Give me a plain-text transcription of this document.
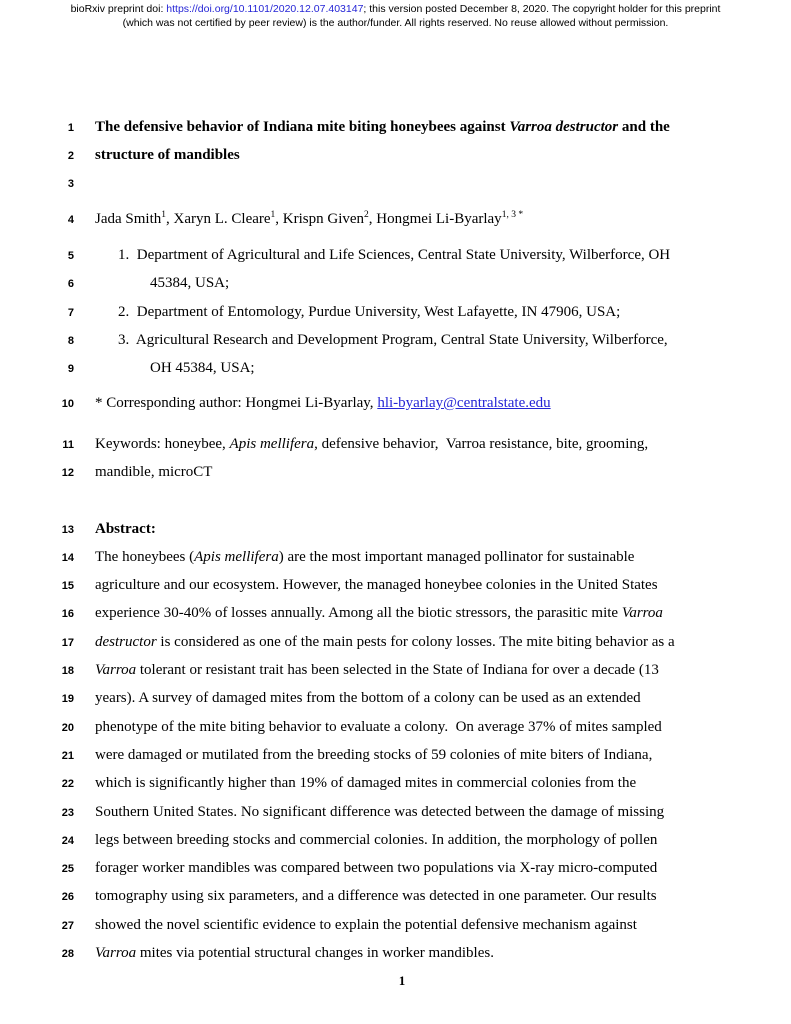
bioRxiv preprint doi: https://doi.org/10.1101/2020.12.07.403147; this version posted December 8, 2020. The copyright holder for this preprint
(which was not certified by peer review) is the author/funder. All rights reserved. No reuse allowed without permission.
1 The defensive behavior of Indiana mite biting honeybees against Varroa destructor and the
2 structure of mandibles
3
4 Jada Smith$^1$, Xaryn L. Cleare$^1$, Krispn Given$^2$, Hongmei Li-Byarlay$^{1, 3 *}$
5	1.  Department of Agricultural and Life Sciences, Central State University, Wilberforce, OH
6	45384, USA;
7	2.  Department of Entomology, Purdue University, West Lafayette, IN 47906, USA;
8	3.  Agricultural Research and Development Program, Central State University, Wilberforce,
9	OH 45384, USA;
10 * Corresponding author: Hongmei Li-Byarlay, hli-byarlay@centralstate.edu
11 Keywords: honeybee, Apis mellifera, defensive behavior,  Varroa resistance, bite, grooming,
12 mandible, microCT
13 Abstract:
14 The honeybees (Apis mellifera) are the most important managed pollinator for sustainable
15 agriculture and our ecosystem. However, the managed honeybee colonies in the United States
16 experience 30-40% of losses annually. Among all the biotic stressors, the parasitic mite Varroa
17 destructor is considered as one of the main pests for colony losses. The mite biting behavior as a
18 Varroa tolerant or resistant trait has been selected in the State of Indiana for over a decade (13
19 years). A survey of damaged mites from the bottom of a colony can be used as an extended
20 phenotype of the mite biting behavior to evaluate a colony.  On average 37% of mites sampled
21 were damaged or mutilated from the breeding stocks of 59 colonies of mite biters of Indiana,
22 which is significantly higher than 19% of damaged mites in commercial colonies from the
23 Southern United States. No significant difference was detected between the damage of missing
24 legs between breeding stocks and commercial colonies. In addition, the morphology of pollen
25 forager worker mandibles was compared between two populations via X-ray micro-computed
26 tomography using six parameters, and a difference was detected in one parameter. Our results
27 showed the novel scientific evidence to explain the potential defensive mechanism against
28 Varroa mites via potential structural changes in worker mandibles.
1
